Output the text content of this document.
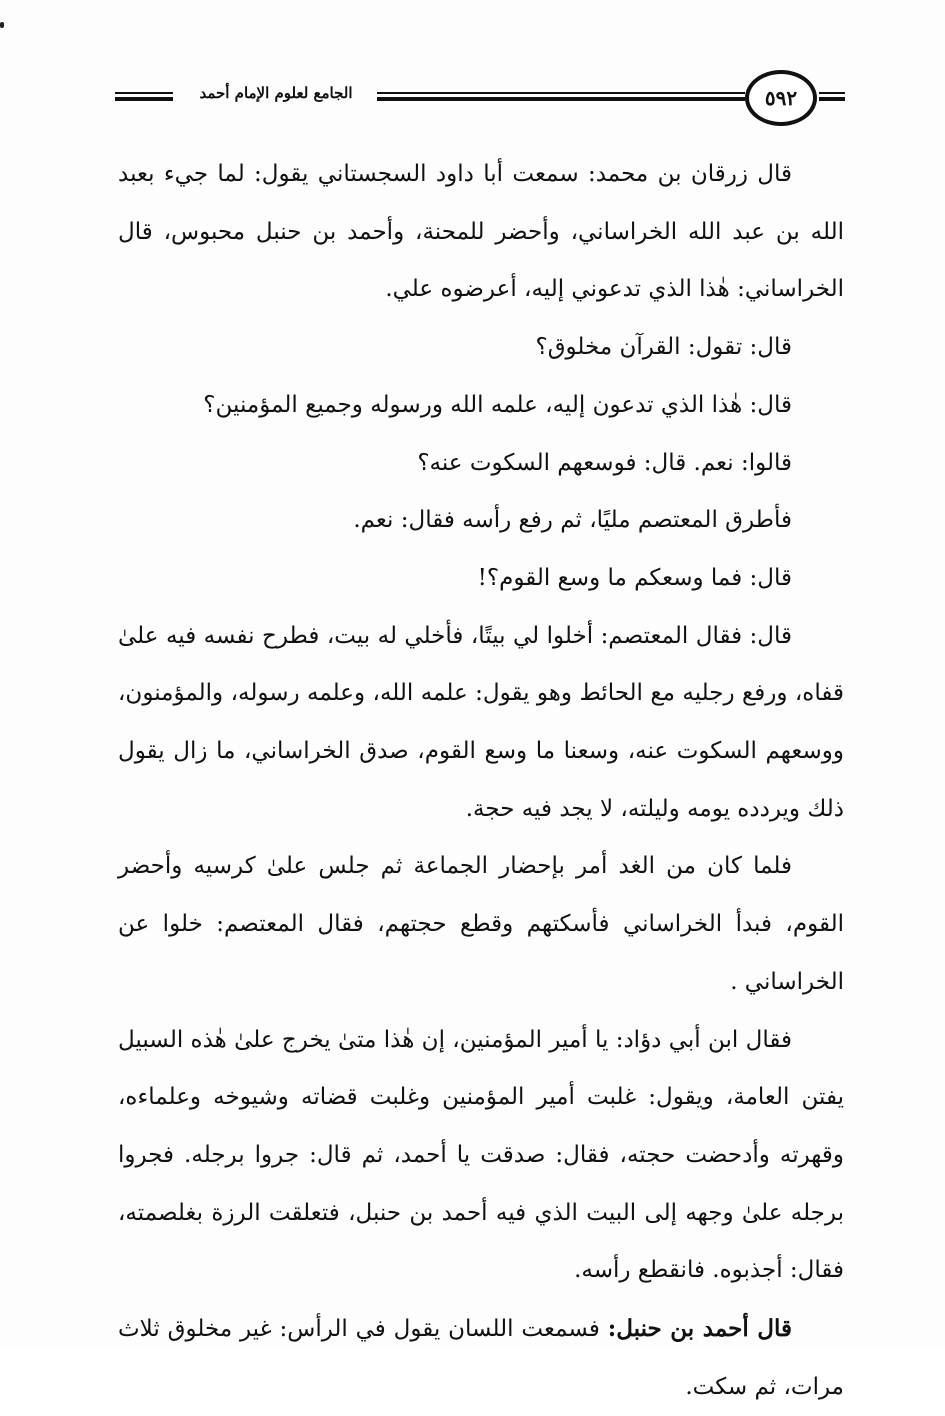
الجامع لعلوم الإمام أحمد	٥٩٢

قال زرقان بن محمد: سمعت أبا داود السجستاني يقول: لما جيء بعبد الله بن عبد الله الخراساني، وأحضر للمحنة، وأحمد بن حنبل محبوس، قال الخراساني: هٰذا الذي تدعوني إليه، أعرضوه علي.

قال: تقول: القرآن مخلوق؟

قال: هٰذا الذي تدعون إليه، علمه الله ورسوله وجميع المؤمنين؟

قالوا: نعم. قال: فوسعهم السكوت عنه؟

فأطرق المعتصم مليًا، ثم رفع رأسه فقال: نعم.

قال: فما وسعكم ما وسع القوم؟!

قال: فقال المعتصم: أخلوا لي بيتًا، فأخلي له بيت، فطرح نفسه فيه علىٰ قفاه، ورفع رجليه مع الحائط وهو يقول: علمه الله، وعلمه رسوله، والمؤمنون، ووسعهم السكوت عنه، وسعنا ما وسع القوم، صدق الخراساني، ما زال يقول ذلك ويردده يومه وليلته، لا يجد فيه حجة.

فلما كان من الغد أمر بإحضار الجماعة ثم جلس علىٰ كرسيه وأحضر القوم، فبدأ الخراساني فأسكتهم وقطع حجتهم، فقال المعتصم: خلوا عن الخراساني .

فقال ابن أبي دؤاد: يا أمير المؤمنين، إن هٰذا متىٰ يخرج علىٰ هٰذه السبيل يفتن العامة، ويقول: غلبت أمير المؤمنين وغلبت قضاته وشيوخه وعلماءه، وقهرته وأدحضت حجته، فقال: صدقت يا أحمد، ثم قال: جروا برجله. فجروا برجله علىٰ وجهه إلى البيت الذي فيه أحمد بن حنبل، فتعلقت الرزة بغلصمته، فقال: أجذبوه. فانقطع رأسه.

قال أحمد بن حنبل: فسمعت اللسان يقول في الرأس: غير مخلوق ثلاث مرات، ثم سكت.
